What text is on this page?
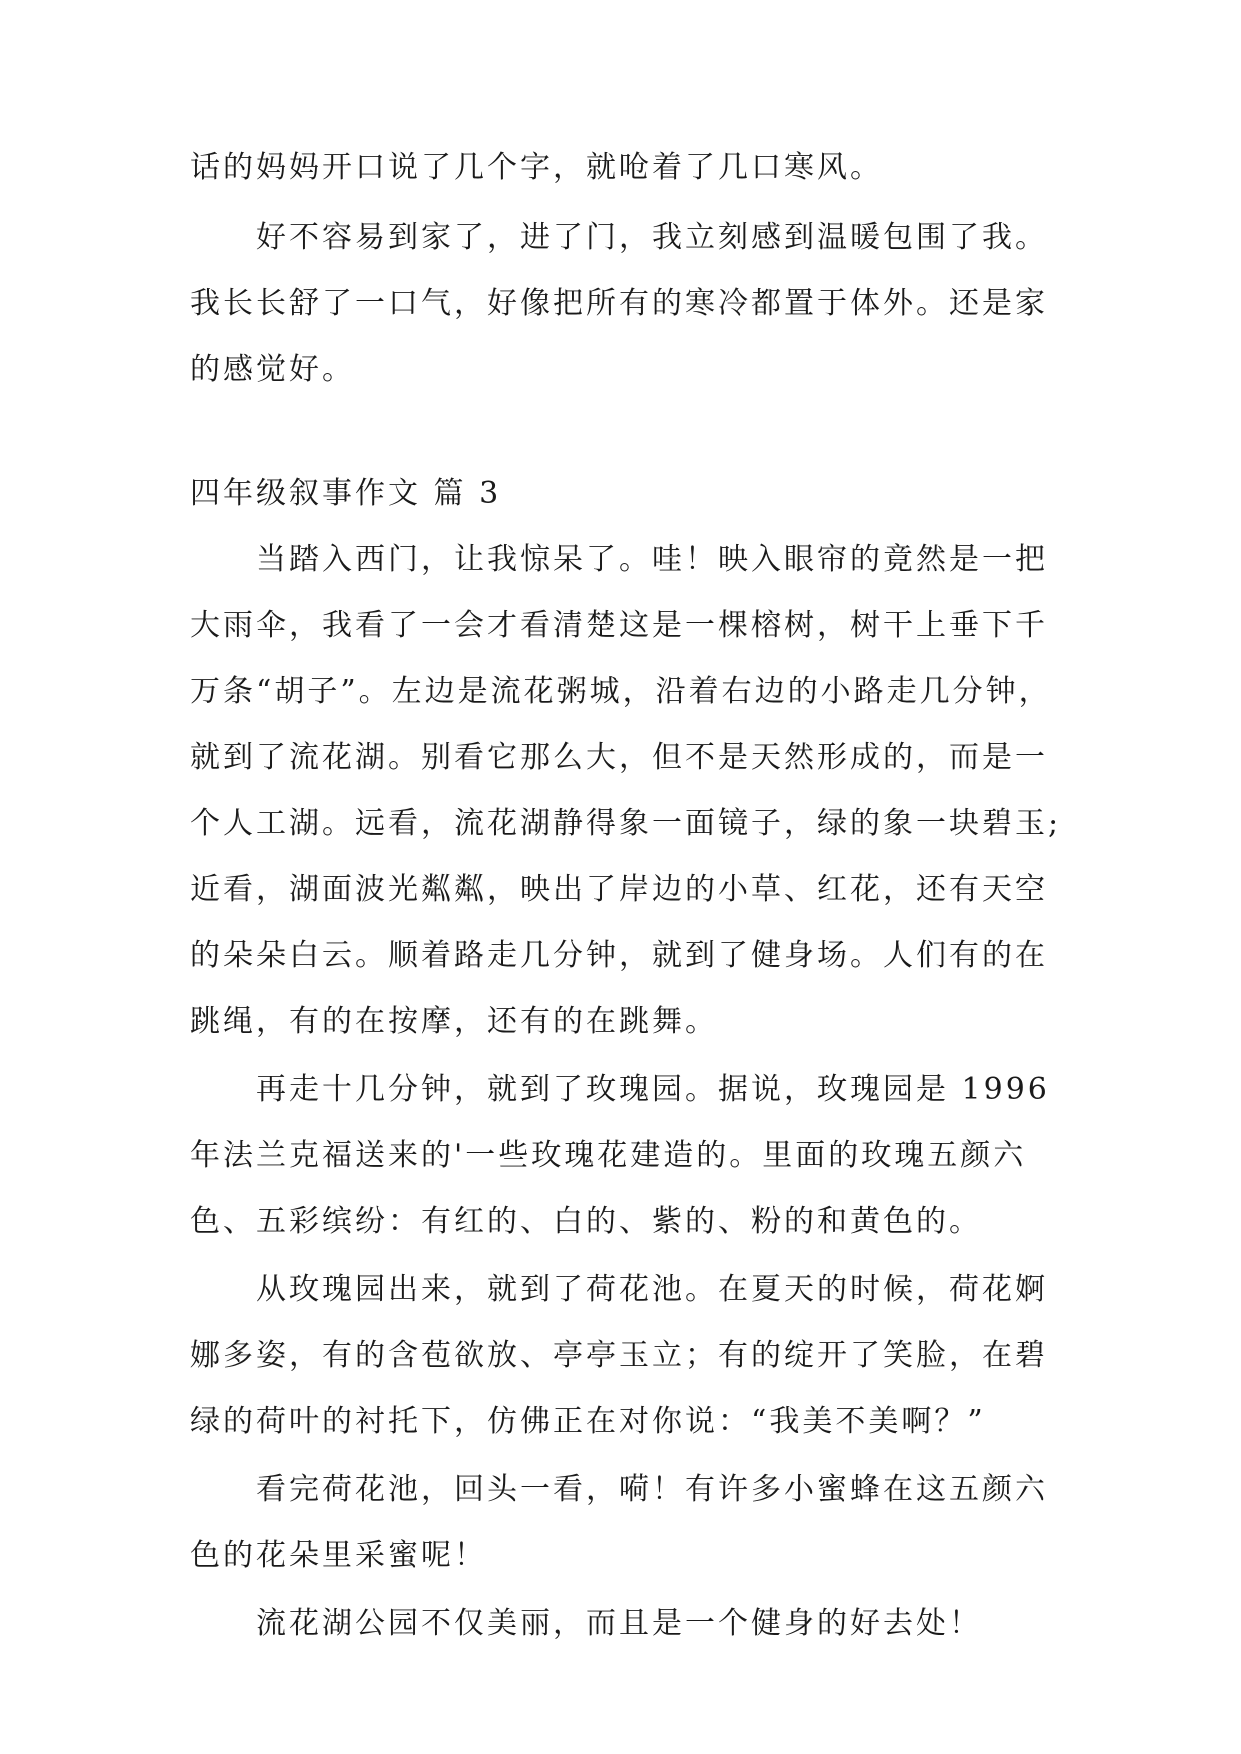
话的妈妈开口说了几个字，就呛着了几口寒风。
好不容易到家了，进了门，我立刻感到温暖包围了我。
我长长舒了一口气，好像把所有的寒冷都置于体外。还是家
的感觉好。
四年级叙事作文 篇 3
当踏入西门，让我惊呆了。哇！映入眼帘的竟然是一把
大雨伞，我看了一会才看清楚这是一棵榕树，树干上垂下千
万条“胡子”。左边是流花粥城，沿着右边的小路走几分钟，
就到了流花湖。别看它那么大，但不是天然形成的，而是一
个人工湖。远看，流花湖静得象一面镜子，绿的象一块碧玉;
近看，湖面波光粼粼，映出了岸边的小草、红花，还有天空
的朵朵白云。顺着路走几分钟，就到了健身场。人们有的在
跳绳，有的在按摩，还有的在跳舞。
再走十几分钟，就到了玫瑰园。据说，玫瑰园是 1996
年法兰克福送来的'一些玫瑰花建造的。里面的玫瑰五颜六
色、五彩缤纷：有红的、白的、紫的、粉的和黄色的。
从玫瑰园出来，就到了荷花池。在夏天的时候，荷花婀
娜多姿，有的含苞欲放、亭亭玉立；有的绽开了笑脸，在碧
绿的荷叶的衬托下，仿佛正在对你说：“我美不美啊？”
看完荷花池，回头一看，嗬！有许多小蜜蜂在这五颜六
色的花朵里采蜜呢！
流花湖公园不仅美丽，而且是一个健身的好去处！
